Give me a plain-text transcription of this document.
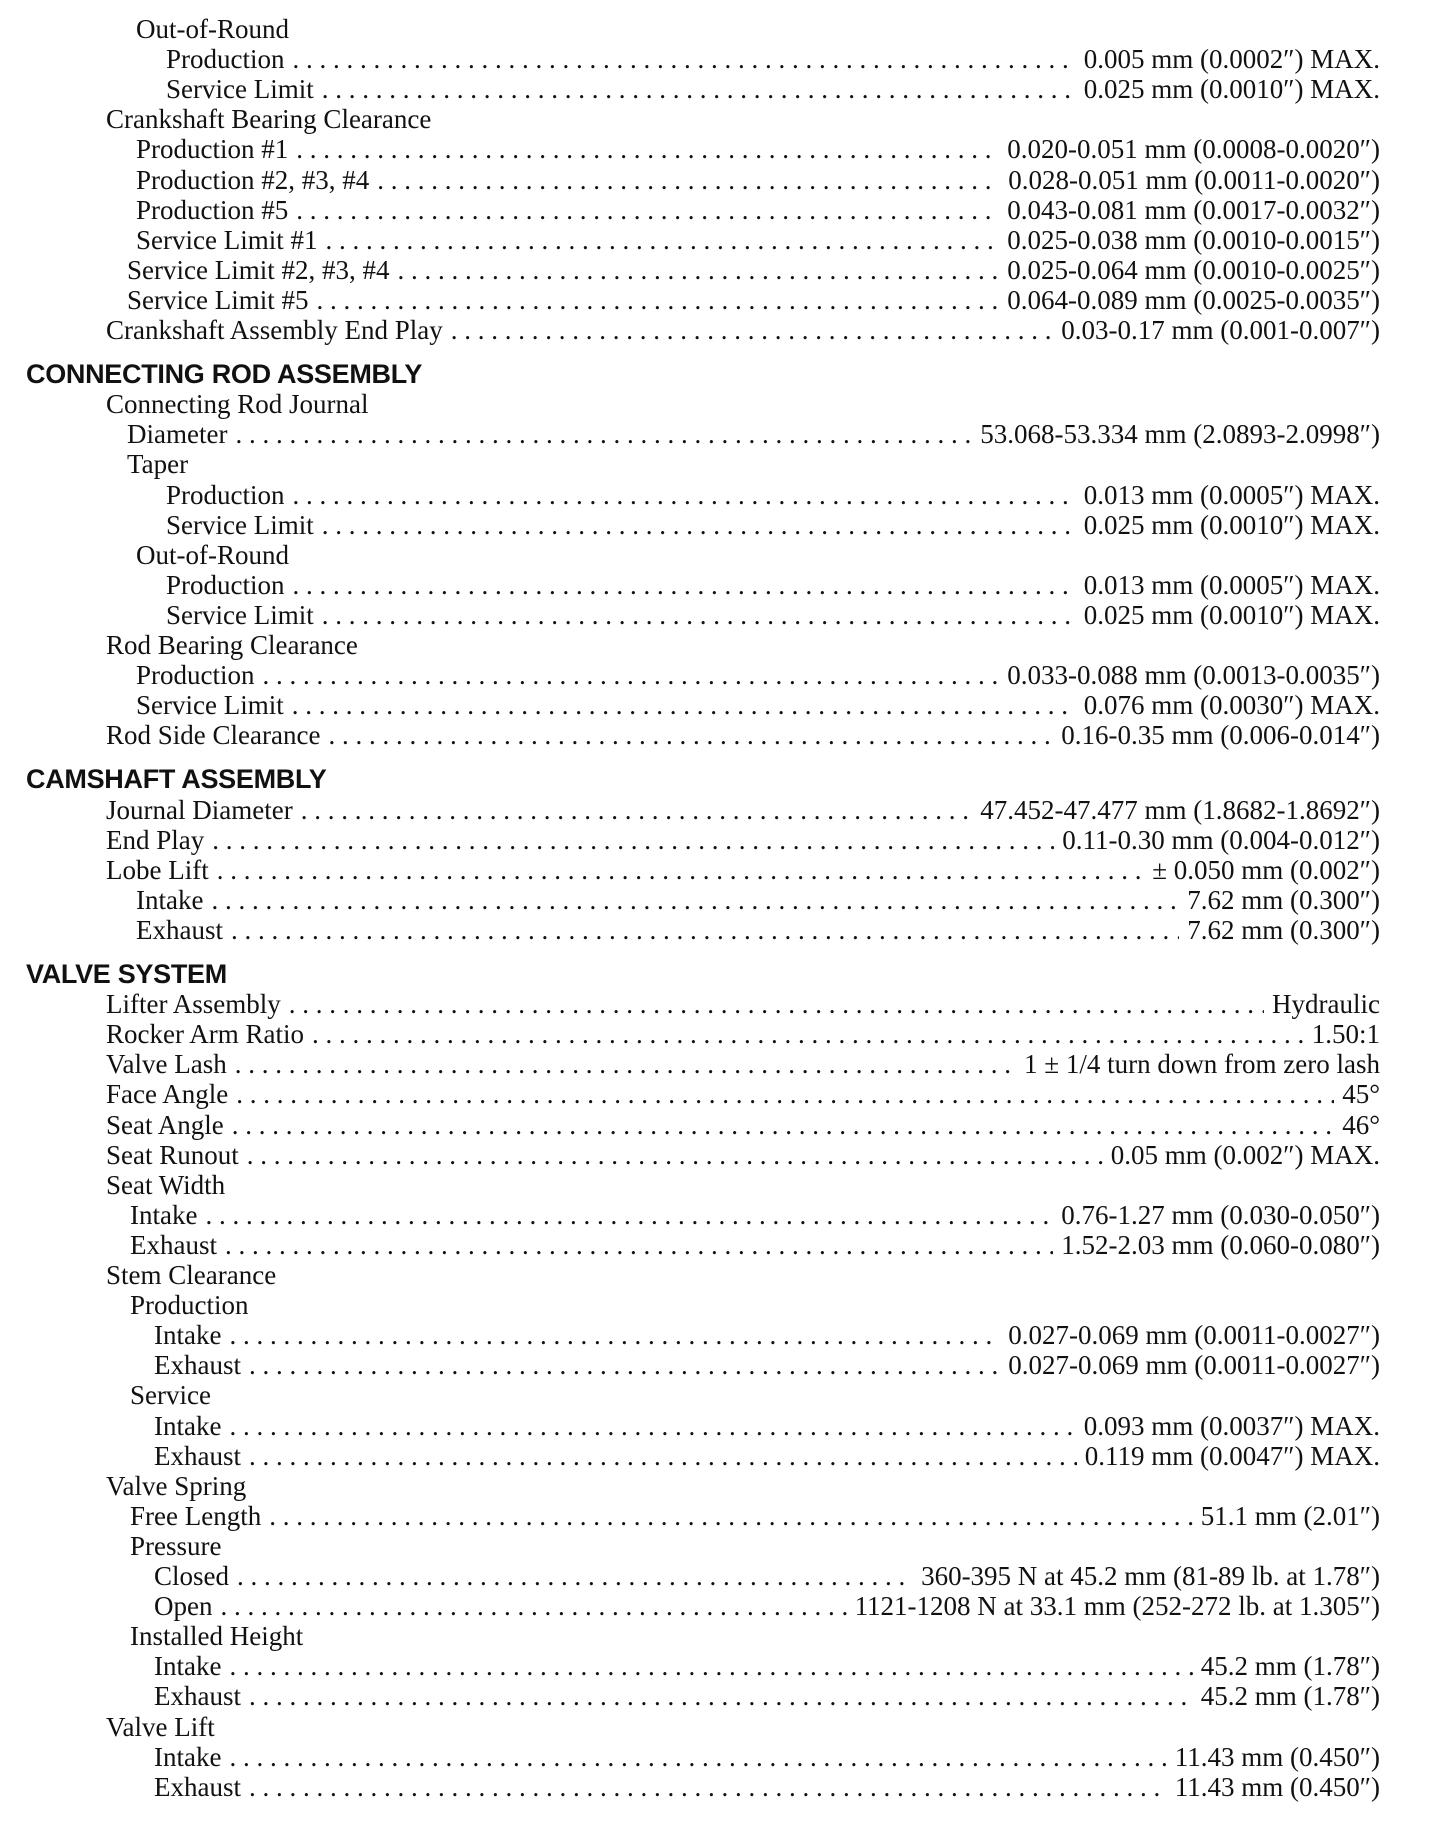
Out-of-Round
Production . . .	0.005 mm (0.0002″) MAX.
Service Limit . . .	0.025 mm (0.0010″) MAX.
Crankshaft Bearing Clearance
Production #1 . . .	0.020-0.051 mm (0.0008-0.0020″)
Production #2, #3, #4 . . .	0.028-0.051 mm (0.0011-0.0020″)
Production #5 . . .	0.043-0.081 mm (0.0017-0.0032″)
Service Limit #1 . . .	0.025-0.038 mm (0.0010-0.0015″)
Service Limit #2, #3, #4 . . .	0.025-0.064 mm (0.0010-0.0025″)
Service Limit #5 . . .	0.064-0.089 mm (0.0025-0.0035″)
Crankshaft Assembly End Play . . .	0.03-0.17 mm (0.001-0.007″)
CONNECTING ROD ASSEMBLY
Connecting Rod Journal
Diameter . . .	53.068-53.334 mm (2.0893-2.0998″)
Taper
Production . . .	0.013 mm (0.0005″) MAX.
Service Limit . . .	0.025 mm (0.0010″) MAX.
Out-of-Round
Production . . .	0.013 mm (0.0005″) MAX.
Service Limit . . .	0.025 mm (0.0010″) MAX.
Rod Bearing Clearance
Production . . .	0.033-0.088 mm (0.0013-0.0035″)
Service Limit . . .	0.076 mm (0.0030″) MAX.
Rod Side Clearance . . .	0.16-0.35 mm (0.006-0.014″)
CAMSHAFT ASSEMBLY
Journal Diameter . . .	47.452-47.477 mm (1.8682-1.8692″)
End Play . . .	0.11-0.30 mm (0.004-0.012″)
Lobe Lift . . .	± 0.050 mm (0.002″)
Intake . . .	7.62 mm (0.300″)
Exhaust . . .	7.62 mm (0.300″)
VALVE SYSTEM
Lifter Assembly . . .	Hydraulic
Rocker Arm Ratio . . .	1.50:1
Valve Lash . . .	1 ± 1/4 turn down from zero lash
Face Angle . . .	45°
Seat Angle . . .	46°
Seat Runout . . .	0.05 mm (0.002″) MAX.
Seat Width
Intake . . .	0.76-1.27 mm (0.030-0.050″)
Exhaust . . .	1.52-2.03 mm (0.060-0.080″)
Stem Clearance
Production
Intake . . .	0.027-0.069 mm (0.0011-0.0027″)
Exhaust . . .	0.027-0.069 mm (0.0011-0.0027″)
Service
Intake . . .	0.093 mm (0.0037″) MAX.
Exhaust . . .	0.119 mm (0.0047″) MAX.
Valve Spring
Free Length . . .	51.1 mm (2.01″)
Pressure
Closed . . .	360-395 N at 45.2 mm (81-89 lb. at 1.78″)
Open . . .	1121-1208 N at 33.1 mm (252-272 lb. at 1.305″)
Installed Height
Intake . . .	45.2 mm (1.78″)
Exhaust . . .	45.2 mm (1.78″)
Valve Lift
Intake . . .	11.43 mm (0.450″)
Exhaust . . .	11.43 mm (0.450″)
